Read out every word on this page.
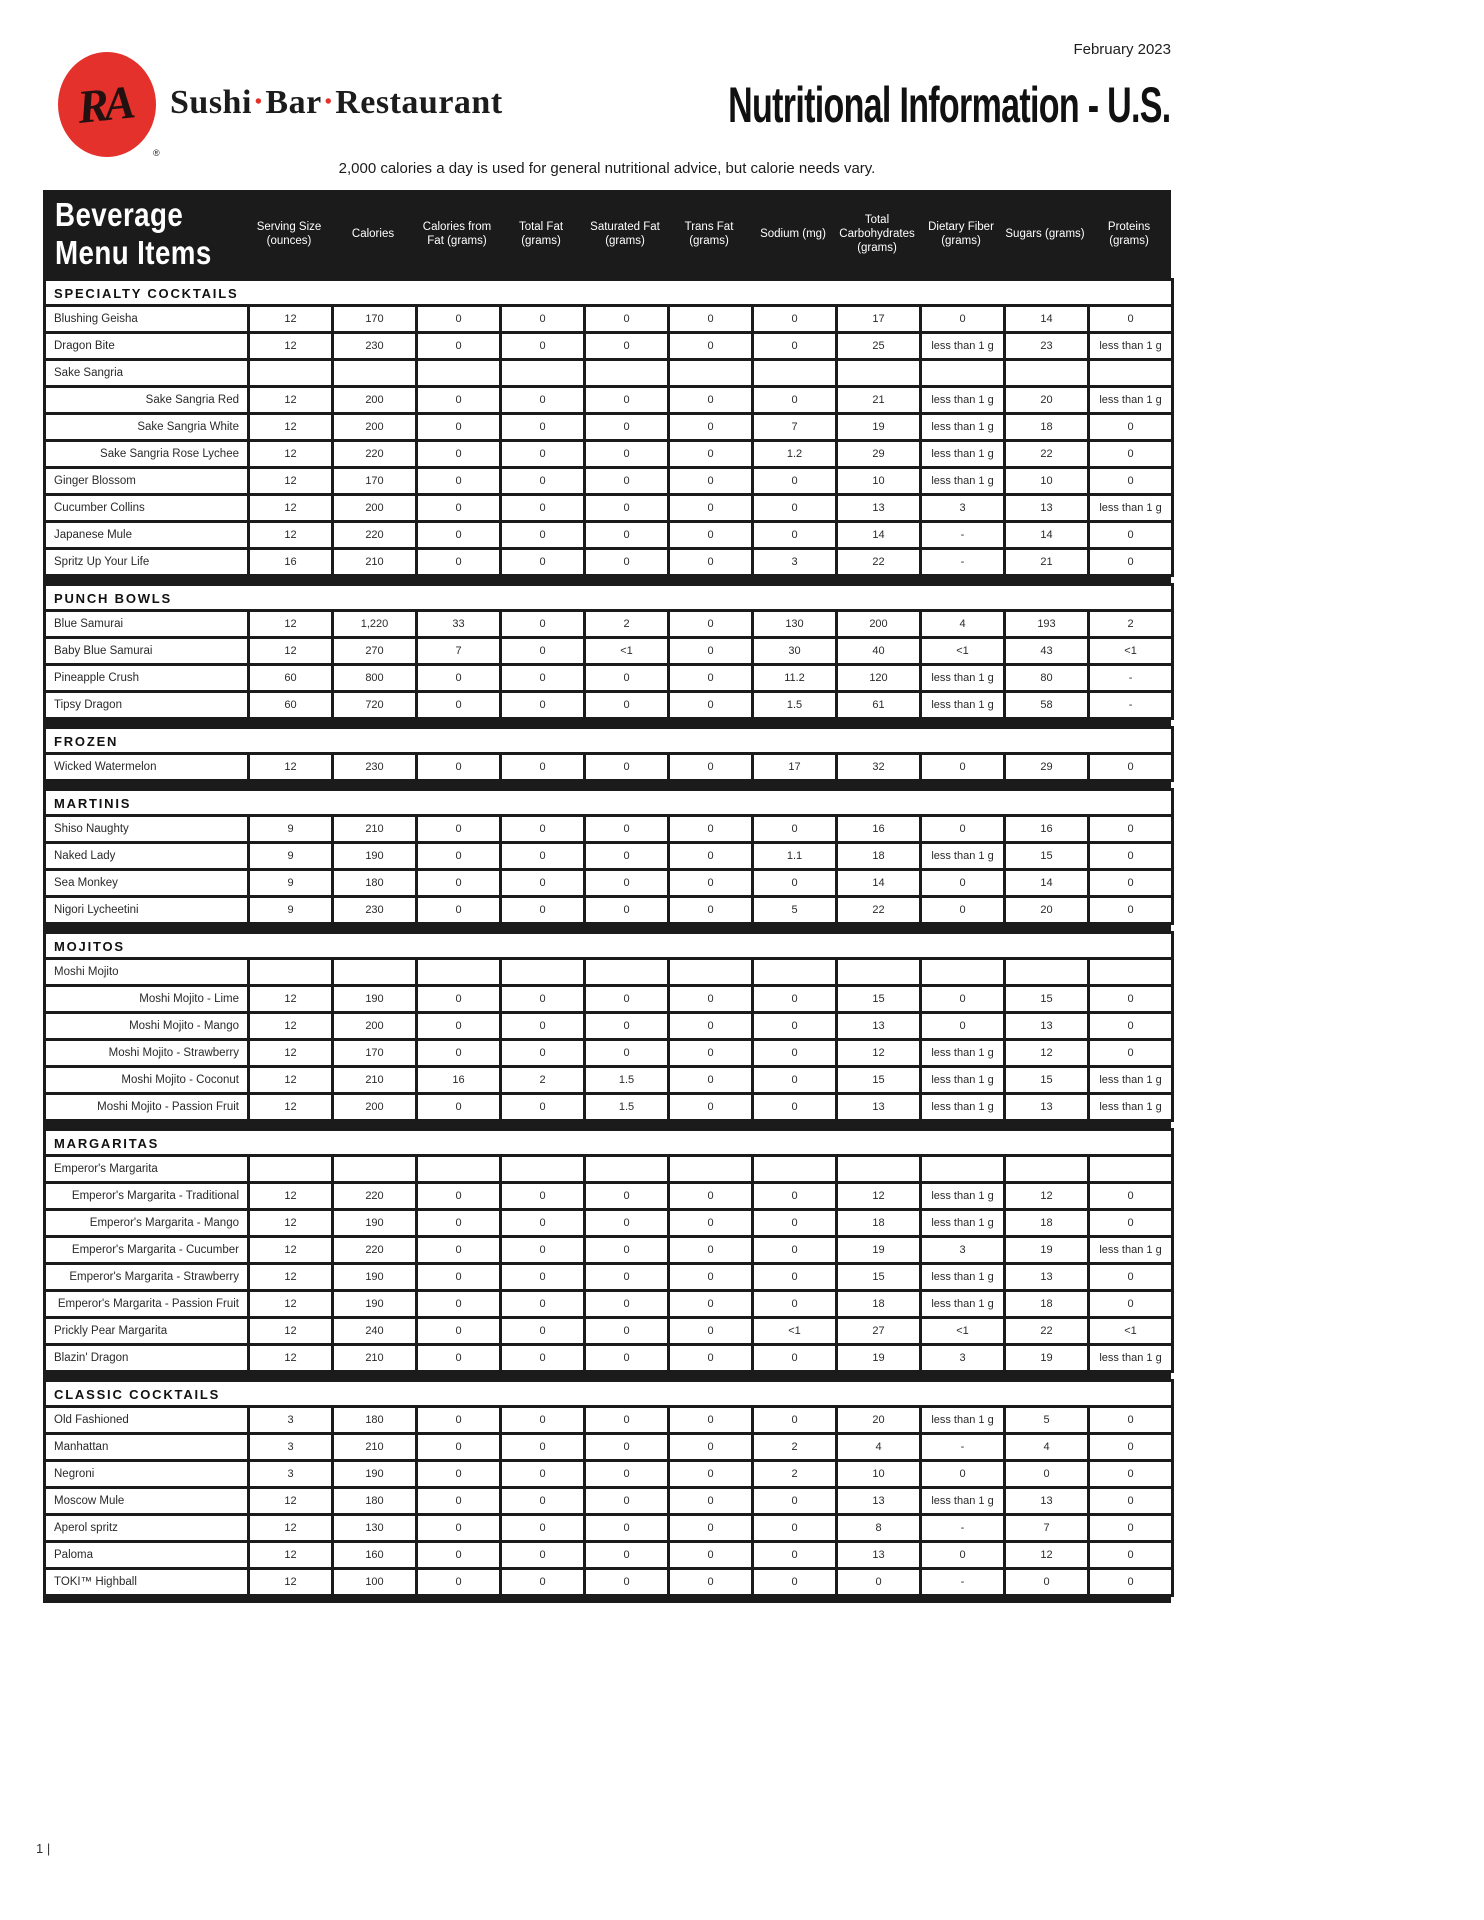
February 2023
RA
®
Sushi •Bar •Restaurant	Nutritional Information - U.S.
2,000 calories a day is used for general nutritional advice, but calorie needs vary.
Beverage
Menu Items
	Serving Size (ounces)	Calories	Calories from Fat (grams)	Total Fat (grams)	Saturated Fat (grams)	Trans Fat (grams)	Sodium (mg)	Total Carbohydrates (grams)	Dietary Fiber (grams)	Sugars (grams)	Proteins (grams)
SPECIALTY COCKTAILS											
Blushing Geisha	12	170	0	0	0	0	0	17	0	14	0
Dragon Bite	12	230	0	0	0	0	0	25	less than 1 g	23	less than 1 g
Sake Sangria											
Sake Sangria Red	12	200	0	0	0	0	0	21	less than 1 g	20	less than 1 g
Sake Sangria White	12	200	0	0	0	0	7	19	less than 1 g	18	0
Sake Sangria Rose Lychee	12	220	0	0	0	0	1.2	29	less than 1 g	22	0
Ginger Blossom	12	170	0	0	0	0	0	10	less than 1 g	10	0
Cucumber Collins	12	200	0	0	0	0	0	13	3	13	less than 1 g
Japanese Mule	12	220	0	0	0	0	0	14	-	14	0
Spritz Up Your Life	16	210	0	0	0	0	3	22	-	21	0
PUNCH BOWLS											
Blue Samurai	12	1,220	33	0	2	0	130	200	4	193	2
Baby Blue Samurai	12	270	7	0	<1	0	30	40	<1	43	<1
Pineapple Crush	60	800	0	0	0	0	11.2	120	less than 1 g	80	-
Tipsy Dragon	60	720	0	0	0	0	1.5	61	less than 1 g	58	-
FROZEN
Wicked Watermelon	12	230	0	0	0	0	17	32	0	29	0
MARTINIS											
Shiso Naughty	9	210	0	0	0	0	0	16	0	16	0
Naked Lady	9	190	0	0	0	0	1.1	18	less than 1 g	15	0
Sea Monkey	9	180	0	0	0	0	0	14	0	14	0
Nigori Lycheetini	9	230	0	0	0	0	5	22	0	20	0
MOJITOS											
Moshi Mojito											
Moshi Mojito - Lime	12	190	0	0	0	0	0	15	0	15	0
Moshi Mojito - Mango	12	200	0	0	0	0	0	13	0	13	0
Moshi Mojito - Strawberry	12	170	0	0	0	0	0	12	less than 1 g	12	0
Moshi Mojito - Coconut	12	210	16	2	1.5	0	0	15	less than 1 g	15	less than 1 g
Moshi Mojito - Passion Fruit	12	200	0	0	1.5	0	0	13	less than 1 g	13	less than 1 g
MARGARITAS											
Emperor's Margarita											
Emperor's Margarita - Traditional	12	220	0	0	0	0	0	12	less than 1 g	12	0
Emperor's Margarita - Mango	12	190	0	0	0	0	0	18	less than 1 g	18	0
Emperor's Margarita - Cucumber	12	220	0	0	0	0	0	19	3	19	less than 1 g
Emperor's Margarita - Strawberry	12	190	0	0	0	0	0	15	less than 1 g	13	0
Emperor's Margarita - Passion Fruit	12	190	0	0	0	0	0	18	less than 1 g	18	0
Prickly Pear Margarita	12	240	0	0	0	0	<1	27	<1	22	<1
Blazin' Dragon	12	210	0	0	0	0	0	19	3	19	less than 1 g
CLASSIC COCKTAILS											
Old Fashioned	3	180	0	0	0	0	0	20	less than 1 g	5	0
Manhattan	3	210	0	0	0	0	2	4	-	4	0
Negroni	3	190	0	0	0	0	2	10	0	0	0
Moscow Mule	12	180	0	0	0	0	0	13	less than 1 g	13	0
Aperol spritz	12	130	0	0	0	0	0	8	-	7	0
Paloma	12	160	0	0	0	0	0	13	0	12	0
TOKI™ Highball	12	100	0	0	0	0	0	0	-	0	0
1 |
